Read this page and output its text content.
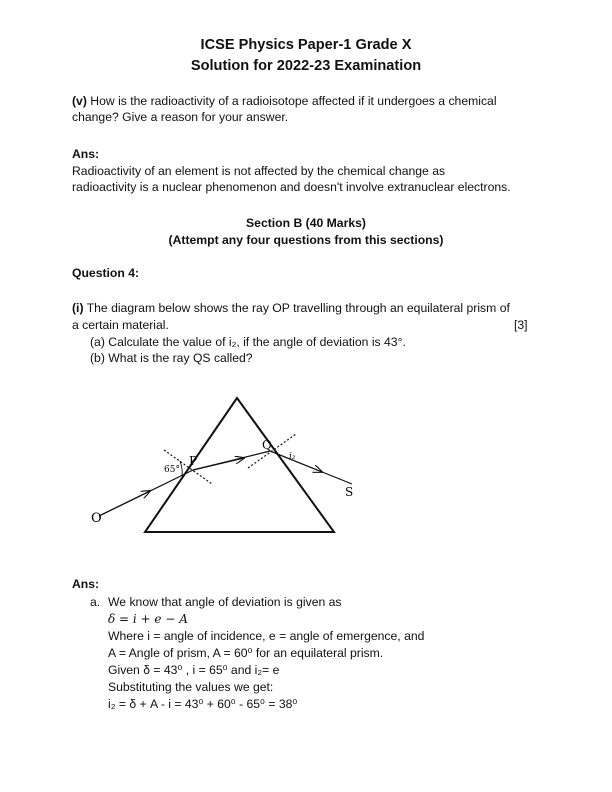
ICSE Physics Paper-1 Grade X
Solution for 2022-23 Examination
(v) How is the radioactivity of a radioisotope affected if it undergoes a chemical
change? Give a reason for your answer.
Ans:
Radioactivity of an element is not affected by the chemical change as
radioactivity is a nuclear phenomenon and doesn't involve extranuclear electrons.
Section B (40 Marks)
(Attempt any four questions from this sections)
Question 4:
(i) The diagram below shows the ray OP travelling through an equilateral prism of
a certain material.	[3]
(a) Calculate the value of i₂, if the angle of deviation is 43°.
(b) What is the ray QS called?
O
P
Q
S
65°
i₂
Ans:
a. We know that angle of deviation is given as
δ = i + e − A
Where i = angle of incidence, e = angle of emergence, and
A = Angle of prism, A = 60⁰ for an equilateral prism.
Given δ = 43⁰ , i = 65⁰ and i₂= e
Substituting the values we get:
i₂ = δ + A - i = 43⁰ + 60⁰ - 65⁰ = 38⁰
